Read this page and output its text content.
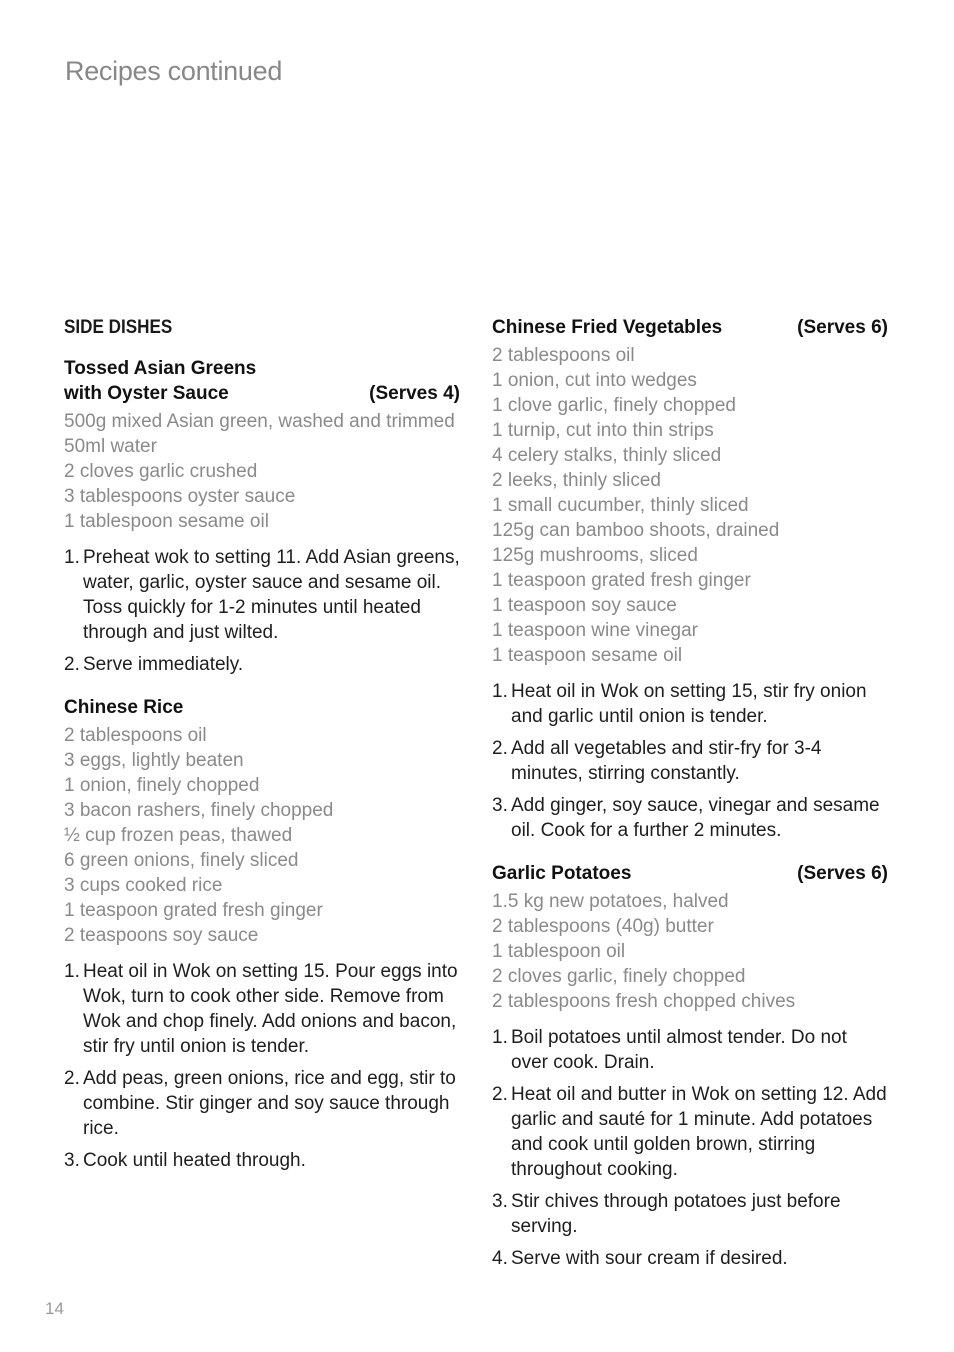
Recipes continued
SIDE DISHES
Tossed Asian Greens
with Oyster Sauce	(Serves 4)
500g mixed Asian green, washed and trimmed
50ml water
2 cloves garlic crushed
3 tablespoons oyster sauce
1 tablespoon sesame oil
1. Preheat wok to setting 11. Add Asian greens, water, garlic, oyster sauce and sesame oil. Toss quickly for 1-2 minutes until heated through and just wilted.
2. Serve immediately.
Chinese Rice
2 tablespoons oil
3 eggs, lightly beaten
1 onion, finely chopped
3 bacon rashers, finely chopped
½ cup frozen peas, thawed
6 green onions, finely sliced
3 cups cooked rice
1 teaspoon grated fresh ginger
2 teaspoons soy sauce
1. Heat oil in Wok on setting 15. Pour eggs into Wok, turn to cook other side. Remove from Wok and chop finely. Add onions and bacon, stir fry until onion is tender.
2. Add peas, green onions, rice and egg, stir to combine. Stir ginger and soy sauce through rice.
3. Cook until heated through.
Chinese Fried Vegetables	(Serves 6)
2 tablespoons oil
1 onion, cut into wedges
1 clove garlic, finely chopped
1 turnip, cut into thin strips
4 celery stalks, thinly sliced
2 leeks, thinly sliced
1 small cucumber, thinly sliced
125g can bamboo shoots, drained
125g mushrooms, sliced
1 teaspoon grated fresh ginger
1 teaspoon soy sauce
1 teaspoon wine vinegar
1 teaspoon sesame oil
1. Heat oil in Wok on setting 15, stir fry onion and garlic until onion is tender.
2. Add all vegetables and stir-fry for 3-4 minutes, stirring constantly.
3. Add ginger, soy sauce, vinegar and sesame oil. Cook for a further 2 minutes.
Garlic Potatoes	(Serves 6)
1.5 kg new potatoes, halved
2 tablespoons (40g) butter
1 tablespoon oil
2 cloves garlic, finely chopped
2 tablespoons fresh chopped chives
1. Boil potatoes until almost tender. Do not over cook. Drain.
2. Heat oil and butter in Wok on setting 12. Add garlic and sauté for 1 minute. Add potatoes and cook until golden brown, stirring throughout cooking.
3. Stir chives through potatoes just before serving.
4. Serve with sour cream if desired.
14
